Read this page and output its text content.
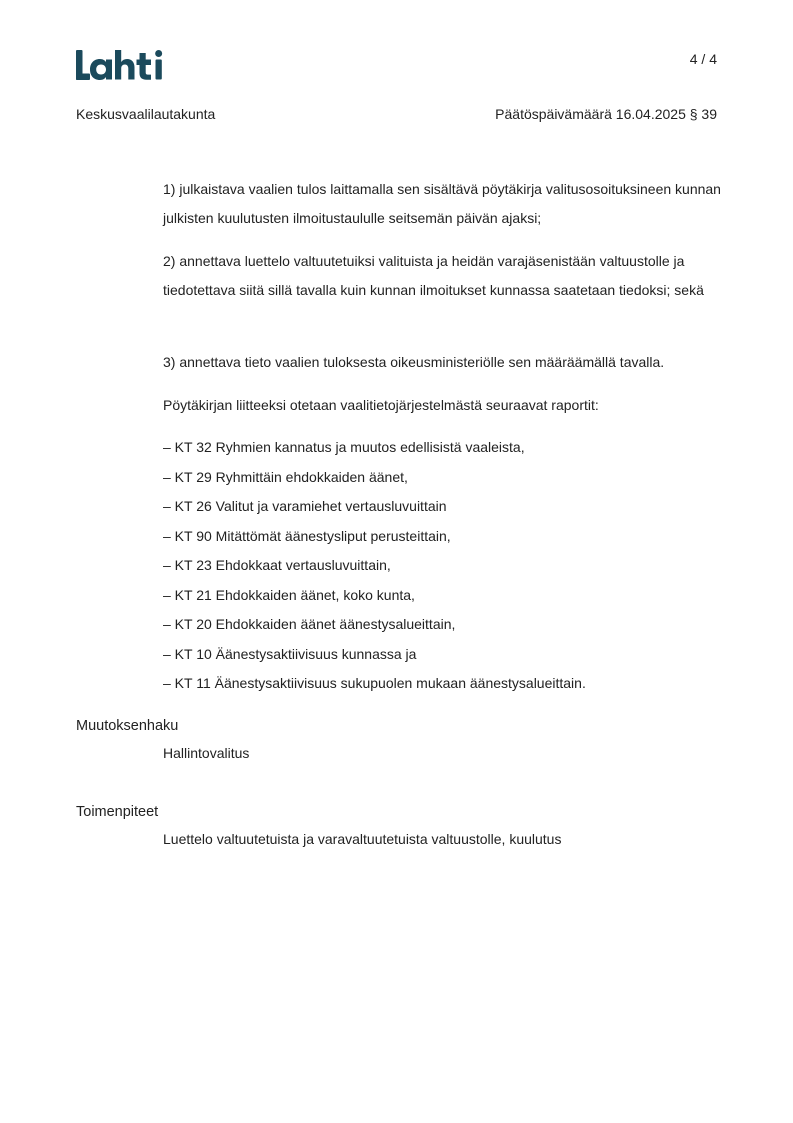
4 / 4
Keskusvaalilautakunta	Päätöspäivämäärä 16.04.2025 § 39

1) julkaistava vaalien tulos laittamalla sen sisältävä pöytäkirja valitusosoituksineen kunnan julkisten kuulutusten ilmoitustaululle seitsemän päivän ajaksi;

2) annettava luettelo valtuutetuiksi valituista ja heidän varajäsenistään valtuustolle ja tiedotettava siitä sillä tavalla kuin kunnan ilmoitukset kunnassa saatetaan tiedoksi; sekä

3) annettava tieto vaalien tuloksesta oikeusministeriölle sen määräämällä tavalla.

Pöytäkirjan liitteeksi otetaan vaalitietojärjestelmästä seuraavat raportit:

– KT 32 Ryhmien kannatus ja muutos edellisistä vaaleista,

– KT 29 Ryhmittäin ehdokkaiden äänet,

– KT 26 Valitut ja varamiehet vertausluvuittain

– KT 90 Mitättömät äänestysliput perusteittain,

– KT 23 Ehdokkaat vertausluvuittain,

– KT 21 Ehdokkaiden äänet, koko kunta,

– KT 20 Ehdokkaiden äänet äänestysalueittain,

– KT 10 Äänestysaktiivisuus kunnassa ja

– KT 11 Äänestysaktiivisuus sukupuolen mukaan äänestysalueittain.

Muutoksenhaku
Hallintovalitus
Toimenpiteet
Luettelo valtuutetuista ja varavaltuutetuista valtuustolle, kuulutus
